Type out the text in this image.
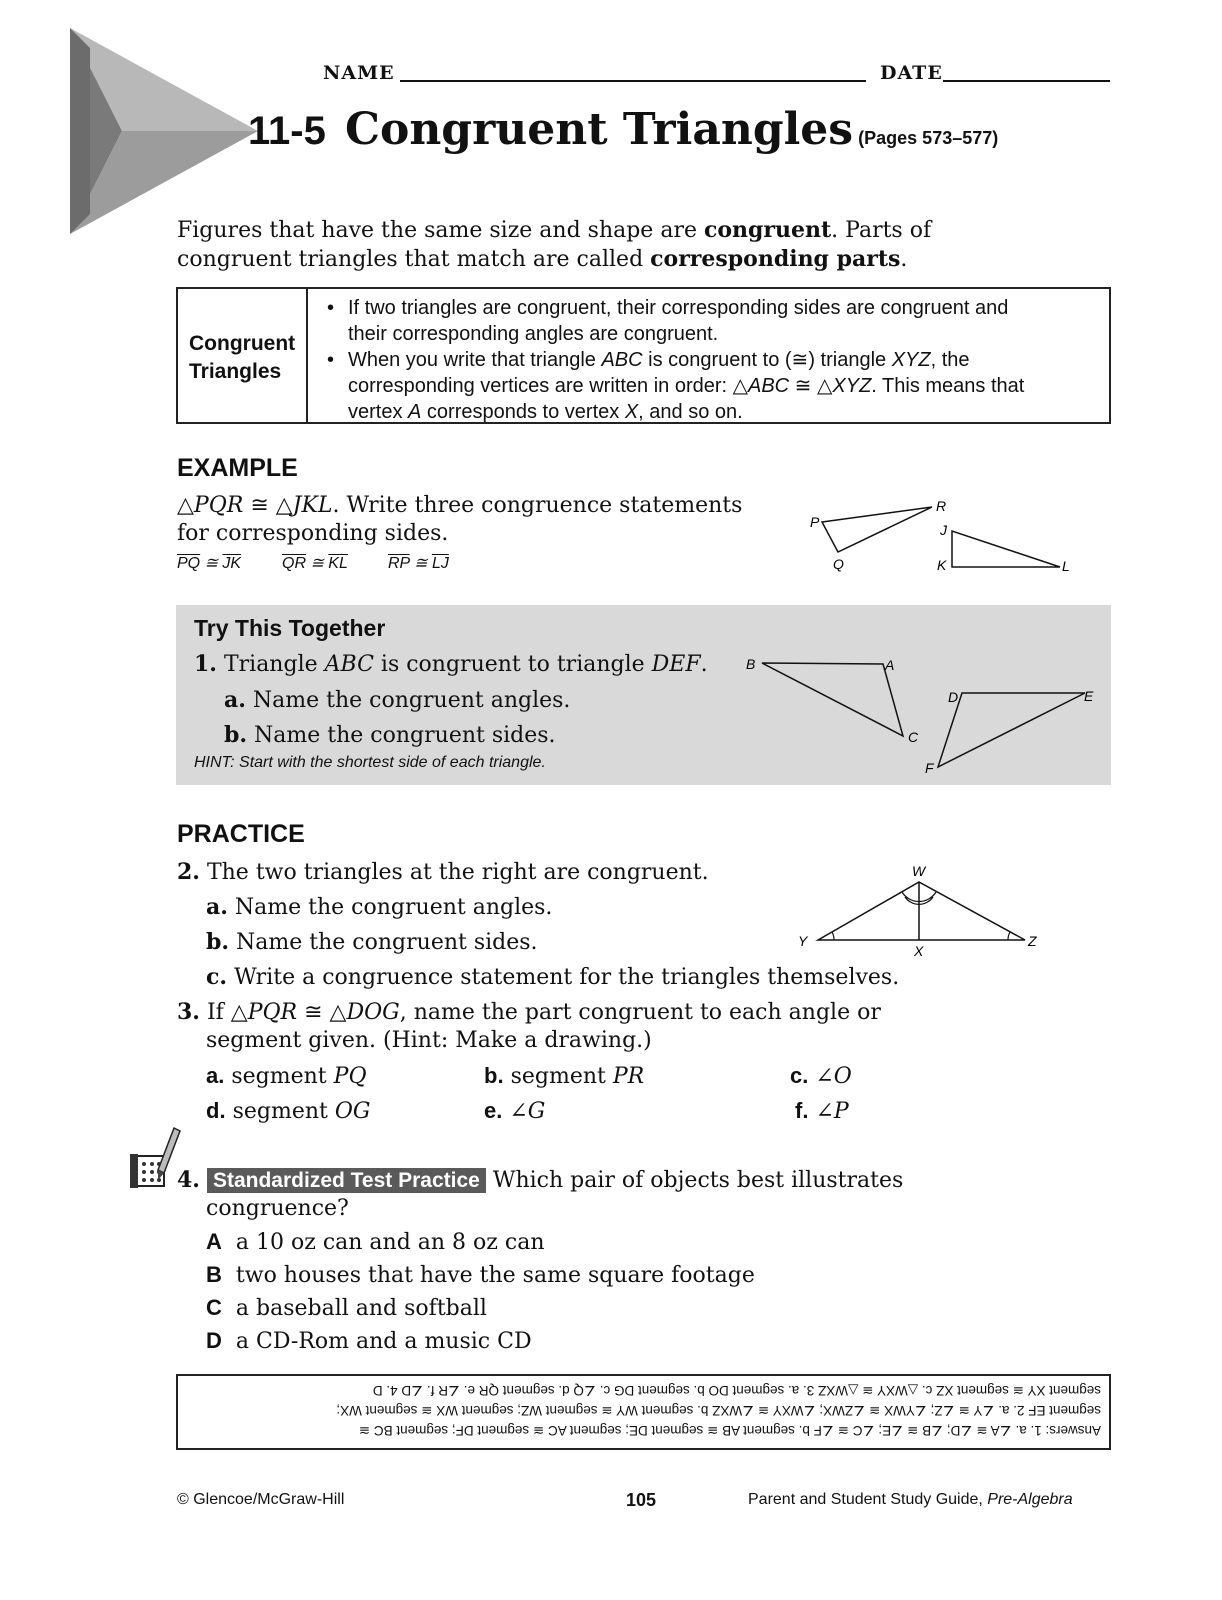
NAME	DATE
11-5 Congruent Triangles (Pages 573–577)
Figures that have the same size and shape are congruent. Parts of
congruent triangles that match are called corresponding parts.
Congruent
Triangles
• If two triangles are congruent, their corresponding sides are congruent and
their corresponding angles are congruent.
• When you write that triangle ABC is congruent to (≅) triangle XYZ, the
corresponding vertices are written in order: △ABC ≅ △XYZ. This means that
vertex A corresponds to vertex X, and so on.
EXAMPLE
△PQR ≅ △JKL. Write three congruence statements
for corresponding sides.
$\overline{PQ}$ ≅ $\overline{JK}$	$\overline{QR}$ ≅ $\overline{KL}$	$\overline{RP}$ ≅ $\overline{LJ}$
P
Q
R
J
K	L
Try This Together
1. Triangle ABC is congruent to triangle DEF.
a. Name the congruent angles.
b. Name the congruent sides.
HINT: Start with the shortest side of each triangle.
B	A
C
D	E
F
PRACTICE
2. The two triangles at the right are congruent.
a. Name the congruent angles.
b. Name the congruent sides.
c. Write a congruence statement for the triangles themselves.
W
X
Y	Z
3. If △PQR ≅ △DOG, name the part congruent to each angle or
segment given. (Hint: Make a drawing.)
a. segment PQ	b. segment PR	c. ∠O
d. segment OG	e. ∠G	f. ∠P
4. Standardized Test Practice Which pair of objects best illustrates
congruence?
A a 10 oz can and an 8 oz can
B two houses that have the same square footage
C a baseball and softball
D a CD-Rom and a music CD
Answers: 1. a. ∠A ≅ ∠D; ∠B ≅ ∠E; ∠C ≅ ∠F b. segment AB ≅ segment DE; segment AC ≅ segment DF; segment BC ≅
segment EF 2. a. ∠Y ≅ ∠Z; ∠YWX ≅ ∠ZWX; ∠WXY ≅ ∠WXZ b. segment WY ≅ segment WZ; segment WX ≅ segment WX;
segment XY ≅ segment XZ c. △WXY ≅ △WXZ 3. a. segment DO b. segment DG c. ∠Q d. segment QR e. ∠R f. ∠D 4. D
© Glencoe/McGraw-Hill	105	Parent and Student Study Guide, Pre-Algebra
